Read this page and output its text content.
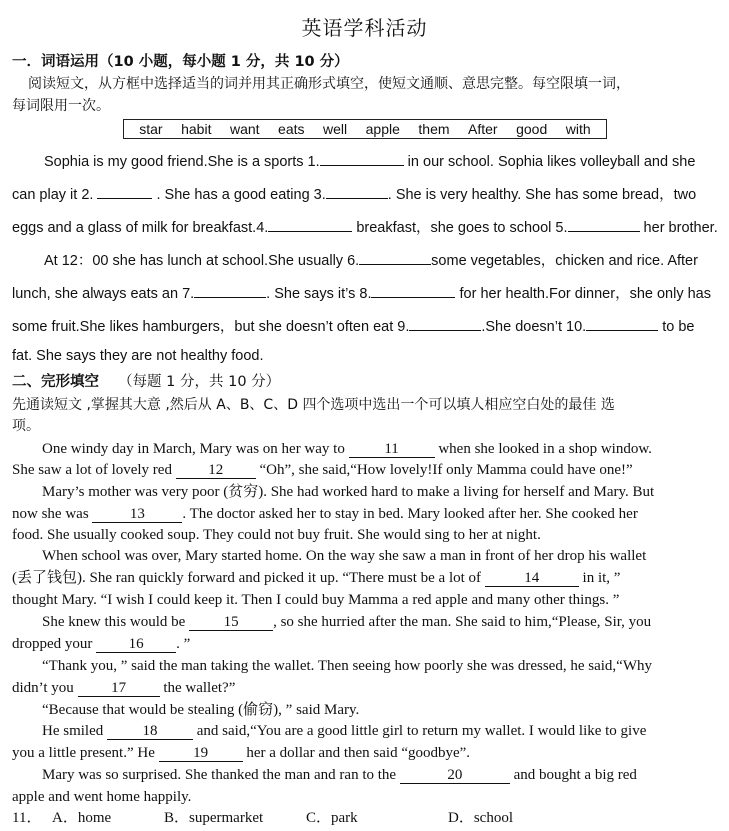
英语学科活动
一．词语运用（10 小题，每小题 1 分，共 10 分）
阅读短文，从方框中选择适当的词并用其正确形式填空，使短文通顺、意思完整。每空限填一词，
每词限用一次。
star habit want eats well apple them After good with
Sophia is my good friend.She is a sports 1.	in our school. Sophia likes volleyball and she
can play it 2.	. She has a good eating 3.	. She is very healthy. She has some bread，two
eggs and a glass of milk for breakfast.4.	breakfast，she goes to school 5.	her brother.
At 12：00 she has lunch at school.She usually 6.	some vegetables，chicken and rice. After
lunch, she always eats an 7.	. She says it’s 8.	for her health.For dinner，she only has
some fruit.She likes hamburgers，but she doesn’t often eat 9.	.She doesn’t 10.	to be
fat. She says they are not healthy food.
二、完形填空 （每题 1 分，共 10 分）
先通读短文 ,掌握其大意 ,然后从 A、B、C、D 四个选项中选出一个可以填人相应空白处的最佳 选
项。
One windy day in March, Mary was on her way to 11 when she looked in a shop window.
She saw a lot of lovely red 12 “Oh”, she said,“How lovely!If only Mamma could have one!”
Mary’s mother was very poor (贫穷). She had worked hard to make a living for herself and Mary. But
now she was	13	. The doctor asked her to stay in bed. Mary looked after her. She cooked her
food. She usually cooked soup. They could not buy fruit. She would sing to her at night.
When school was over, Mary started home. On the way she saw a man in front of her drop his wallet
(丢了钱包). She ran quickly forward and picked it up. “There must be a lot of	14	in it, ”
thought Mary. “I wish I could keep it. Then I could buy Mamma a red apple and many other things. ”
She knew this would be 15 , so she hurried after the man. She said to him,“Please, Sir, you
dropped your 16 . ”
“Thank you, ” said the man taking the wallet. Then seeing how poorly she was dressed, he said,“Why
didn’t you 17 the wallet?”
“Because that would be stealing (偷窃), ” said Mary.
He smiled 18 and said,“You are a good little girl to return my wallet. I would like to give
you a little present.” He 19 her a dollar and then said “goodbye”.
Mary was so surprised. She thanked the man and ran to the	20	and bought a big red
apple and went home happily.
11． A．home	B．supermarket	C．park	D．school
